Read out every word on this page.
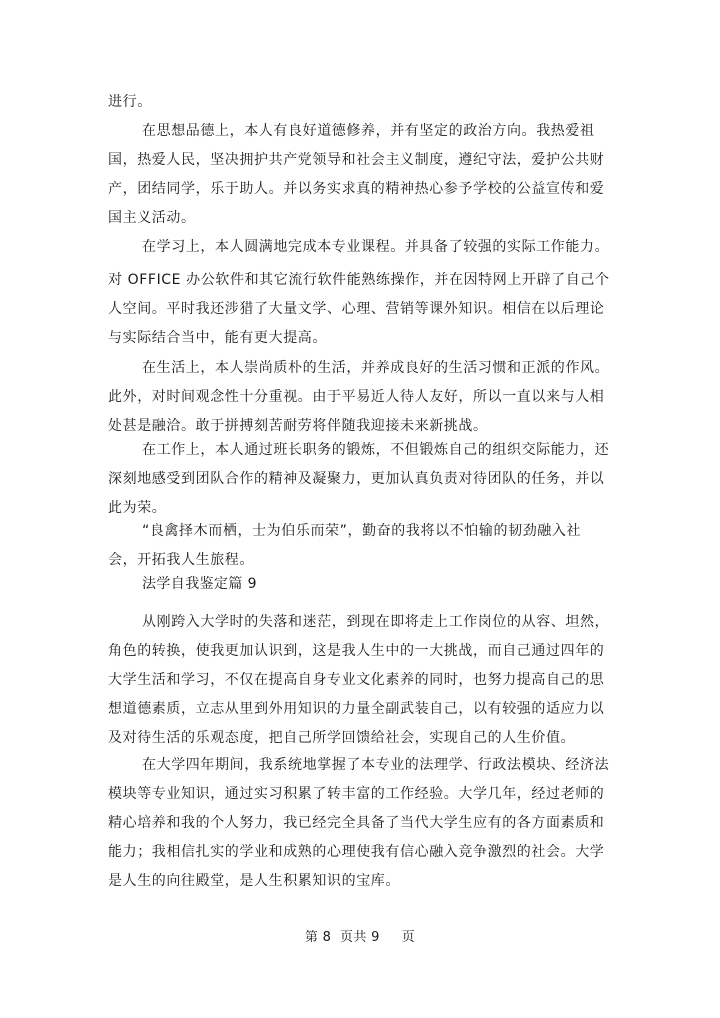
进行。

在思想品德上，本人有良好道德修养，并有坚定的政治方向。我热爱祖
国，热爱人民，坚决拥护共产党领导和社会主义制度，遵纪守法，爱护公共财
产，团结同学，乐于助人。并以务实求真的精神热心参予学校的公益宣传和爱
国主义活动。

在学习上，本人圆满地完成本专业课程。并具备了较强的实际工作能力。
对 OFFICE 办公软件和其它流行软件能熟练操作，并在因特网上开辟了自己个
人空间。平时我还涉猎了大量文学、心理、营销等课外知识。相信在以后理论
与实际结合当中，能有更大提高。

在生活上，本人崇尚质朴的生活，并养成良好的生活习惯和正派的作风。
此外，对时间观念性十分重视。由于平易近人待人友好，所以一直以来与人相
处甚是融洽。敢于拼搏刻苦耐劳将伴随我迎接未来新挑战。

在工作上，本人通过班长职务的锻炼，不但锻炼自己的组织交际能力，还
深刻地感受到团队合作的精神及凝聚力，更加认真负责对待团队的任务，并以
此为荣。

“良禽择木而栖，士为伯乐而荣”，勤奋的我将以不怕输的韧劲融入社
会，开拓我人生旅程。

法学自我鉴定篇 9

从刚跨入大学时的失落和迷茫，到现在即将走上工作岗位的从容、坦然，
角色的转换，使我更加认识到，这是我人生中的一大挑战，而自己通过四年的
大学生活和学习，不仅在提高自身专业文化素养的同时，也努力提高自己的思
想道德素质，立志从里到外用知识的力量全副武装自己，以有较强的适应力以
及对待生活的乐观态度，把自己所学回馈给社会，实现自己的人生价值。

在大学四年期间，我系统地掌握了本专业的法理学、行政法模块、经济法
模块等专业知识，通过实习积累了转丰富的工作经验。大学几年，经过老师的
精心培养和我的个人努力，我已经完全具备了当代大学生应有的各方面素质和
能力；我相信扎实的学业和成熟的心理使我有信心融入竞争激烈的社会。大学
是人生的向往殿堂，是人生积累知识的宝库。

第 8  页共 9     页
